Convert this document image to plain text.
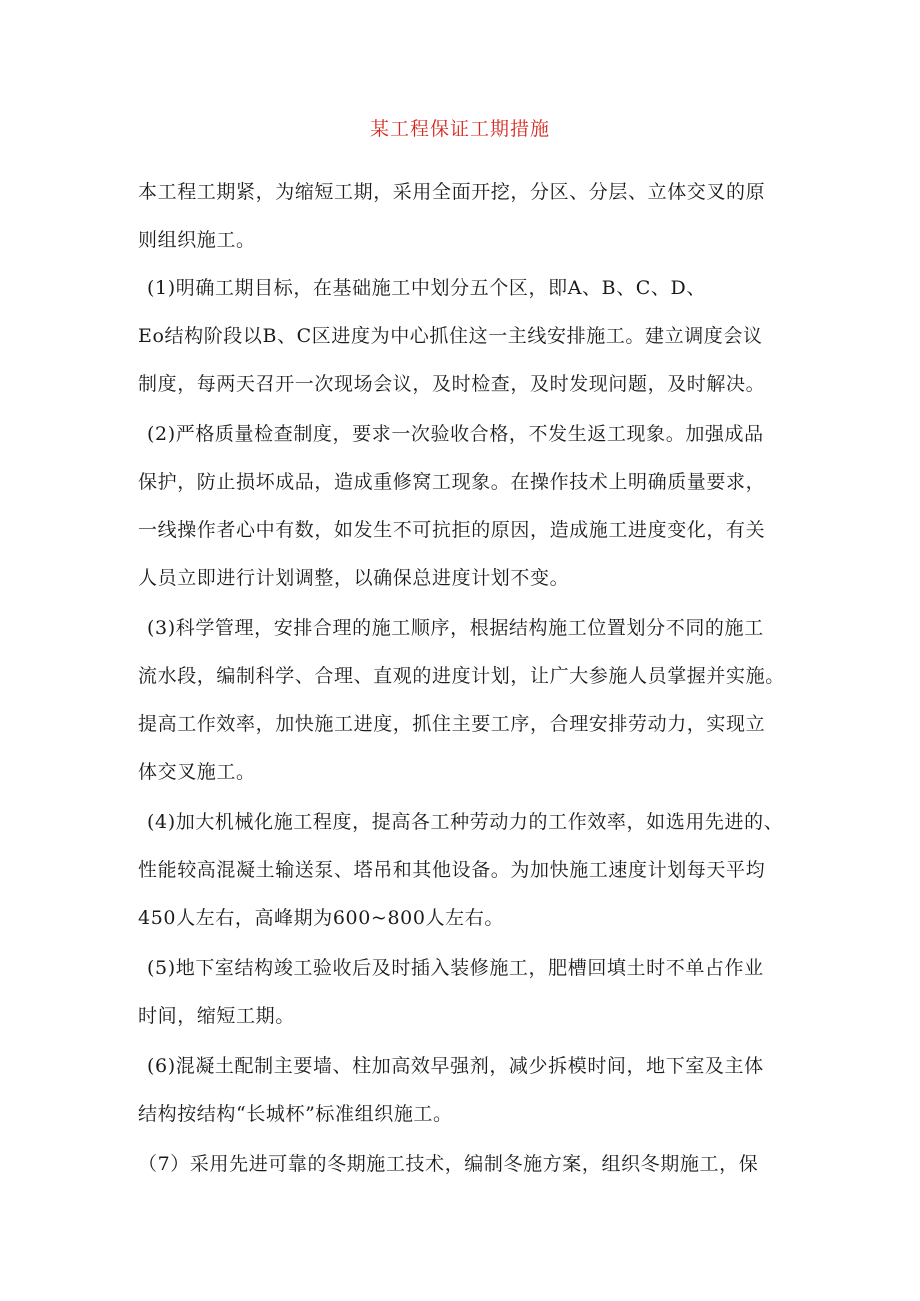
某工程保证工期措施
本工程工期紧，为缩短工期，采用全面开挖，分区、分层、立体交叉的原
则组织施工。
(1)明确工期目标，在基础施工中划分五个区，即A、B、C、D、
Eo结构阶段以B、C区进度为中心抓住这一主线安排施工。建立调度会议
制度，每两天召开一次现场会议，及时检查，及时发现问题，及时解决。
(2)严格质量检查制度，要求一次验收合格，不发生返工现象。加强成品
保护，防止损坏成品，造成重修窝工现象。在操作技术上明确质量要求，
一线操作者心中有数，如发生不可抗拒的原因，造成施工进度变化，有关
人员立即进行计划调整，以确保总进度计划不变。
(3)科学管理，安排合理的施工顺序，根据结构施工位置划分不同的施工
流水段，编制科学、合理、直观的进度计划，让广大参施人员掌握并实施。
提高工作效率，加快施工进度，抓住主要工序，合理安排劳动力，实现立
体交叉施工。
(4)加大机械化施工程度，提高各工种劳动力的工作效率，如选用先进的、
性能较高混凝土输送泵、塔吊和其他设备。为加快施工速度计划每天平均
450人左右，高峰期为600~800人左右。
(5)地下室结构竣工验收后及时插入装修施工，肥槽回填土时不单占作业
时间，缩短工期。
(6)混凝土配制主要墙、柱加高效早强剂，减少拆模时间，地下室及主体
结构按结构“长城杯”标准组织施工。
（7）采用先进可靠的冬期施工技术，编制冬施方案，组织冬期施工，保
